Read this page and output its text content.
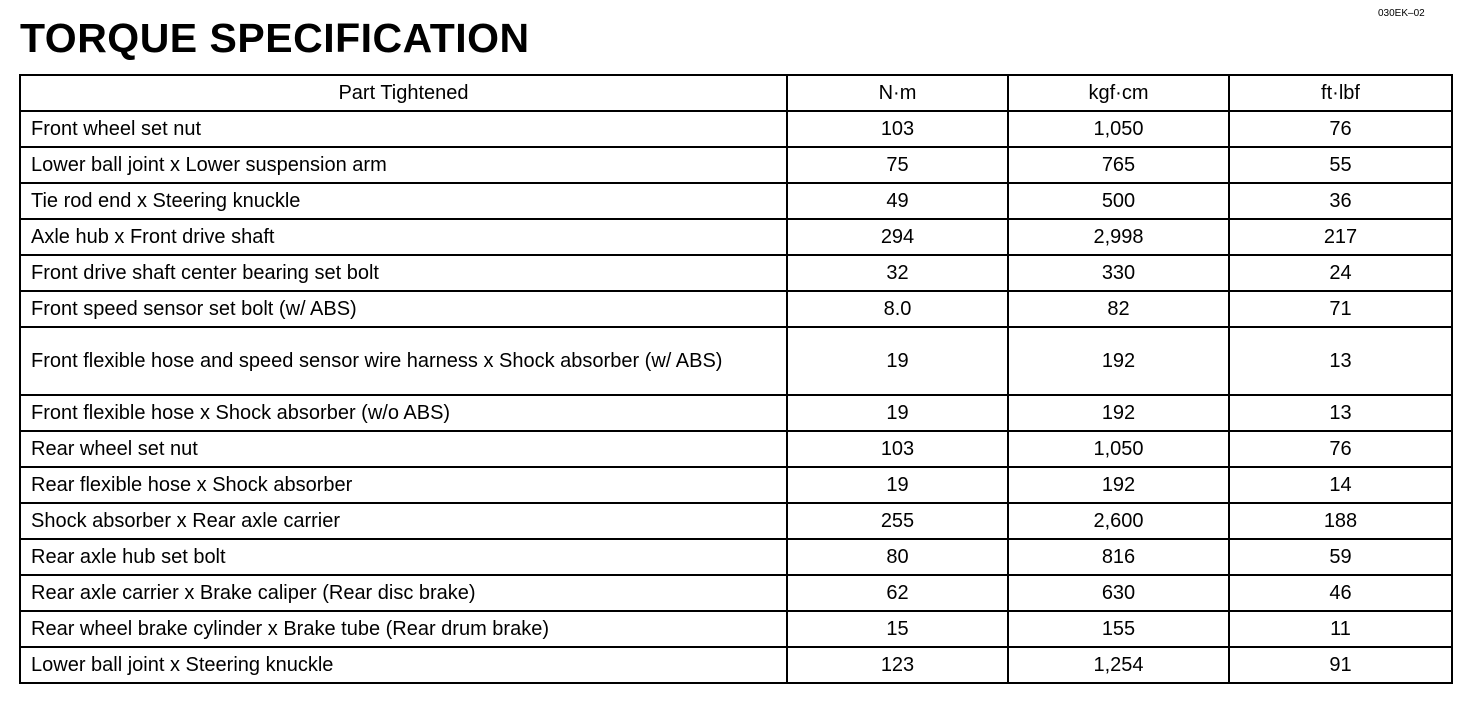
TORQUE SPECIFICATION
030EK–02
Part Tightened	N·m	kgf·cm	ft·lbf
Front wheel set nut	103	1,050	76
Lower ball joint x Lower suspension arm	75	765	55
Tie rod end x Steering knuckle	49	500	36
Axle hub x Front drive shaft	294	2,998	217
Front drive shaft center bearing set bolt	32	330	24
Front speed sensor set bolt (w/ ABS)	8.0	82	71
Front flexible hose and speed sensor wire harness x Shock absorber (w/ ABS)	19	192	13
Front flexible hose x Shock absorber (w/o ABS)	19	192	13
Rear wheel set nut	103	1,050	76
Rear flexible hose x Shock absorber	19	192	14
Shock absorber x Rear axle carrier	255	2,600	188
Rear axle hub set bolt	80	816	59
Rear axle carrier x Brake caliper (Rear disc brake)	62	630	46
Rear wheel brake cylinder x Brake tube (Rear drum brake)	15	155	11
Lower ball joint x Steering knuckle	123	1,254	91
